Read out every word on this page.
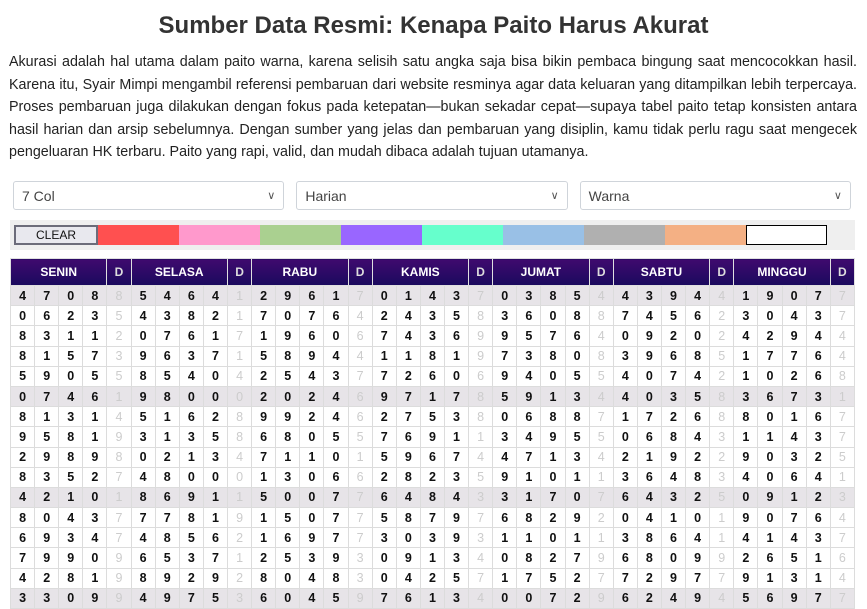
Sumber Data Resmi: Kenapa Paito Harus Akurat

Akurasi adalah hal utama dalam paito warna, karena selisih satu angka saja bisa bikin pembaca bingung saat mencocokkan hasil. Karena itu, Syair Mimpi mengambil referensi pembaruan dari website resminya agar data keluaran yang ditampilkan lebih terpercaya. Proses pembaruan juga dilakukan dengan fokus pada ketepatan—bukan sekadar cepat—supaya tabel paito tetap konsisten antara hasil harian dan arsip sebelumnya. Dengan sumber yang jelas dan pembaruan yang disiplin, kamu tidak perlu ragu saat mengecek pengeluaran HK terbaru. Paito yang rapi, valid, dan mudah dibaca adalah tujuan utamanya.

7 Col	∨ Harian	∨ Warna	∨
CLEAR
SENIN				D	SELASA				D	RABU				D	KAMIS				D	JUMAT				D	SABTU				D	MINGGU				D
4	7	0	8	8	5	4	6	4	1	2	9	6	1	7	0	1	4	3	7	0	3	8	5	4	4	3	9	4	4	1	9	0	7	7
0	6	2	3	5	4	3	8	2	1	7	0	7	6	4	2	4	3	5	8	3	6	0	8	8	7	4	5	6	2	3	0	4	3	7
8	3	1	1	2	0	7	6	1	7	1	9	6	0	6	7	4	3	6	9	9	5	7	6	4	0	9	2	0	2	4	2	9	4	4
8	1	5	7	3	9	6	3	7	1	5	8	9	4	4	1	1	8	1	9	7	3	8	0	8	3	9	6	8	5	1	7	7	6	4
5	9	0	5	5	8	5	4	0	4	2	5	4	3	7	7	2	6	0	6	9	4	0	5	5	4	0	7	4	2	1	0	2	6	8
0	7	4	6	1	9	8	0	0	0	2	0	2	4	6	9	7	1	7	8	5	9	1	3	4	4	0	3	5	8	3	6	7	3	1
8	1	3	1	4	5	1	6	2	8	9	9	2	4	6	2	7	5	3	8	0	6	8	8	7	1	7	2	6	8	8	0	1	6	7
9	5	8	1	9	3	1	3	5	8	6	8	0	5	5	7	6	9	1	1	3	4	9	5	5	0	6	8	4	3	1	1	4	3	7
2	9	8	9	8	0	2	1	3	4	7	1	1	0	1	5	9	6	7	4	4	7	1	3	4	2	1	9	2	2	9	0	3	2	5
8	3	5	2	7	4	8	0	0	0	1	3	0	6	6	2	8	2	3	5	9	1	0	1	1	3	6	4	8	3	4	0	6	4	1
4	2	1	0	1	8	6	9	1	1	5	0	0	7	7	6	4	8	4	3	3	1	7	0	7	6	4	3	2	5	0	9	1	2	3
8	0	4	3	7	7	7	8	1	9	1	5	0	7	7	5	8	7	9	7	6	8	2	9	2	0	4	1	0	1	9	0	7	6	4
6	9	3	4	7	4	8	5	6	2	1	6	9	7	7	3	0	3	9	3	1	1	0	1	1	3	8	6	4	1	4	1	4	3	7
7	9	9	0	9	6	5	3	7	1	2	5	3	9	3	0	9	1	3	4	0	8	2	7	9	6	8	0	9	9	2	6	5	1	6
4	2	8	1	9	8	9	2	9	2	8	0	4	8	3	0	4	2	5	7	1	7	5	2	7	7	2	9	7	7	9	1	3	1	4
3	3	0	9	9	4	9	7	5	3	6	0	4	5	9	7	6	1	3	4	0	0	7	2	9	6	2	4	9	4	5	6	9	7	7
